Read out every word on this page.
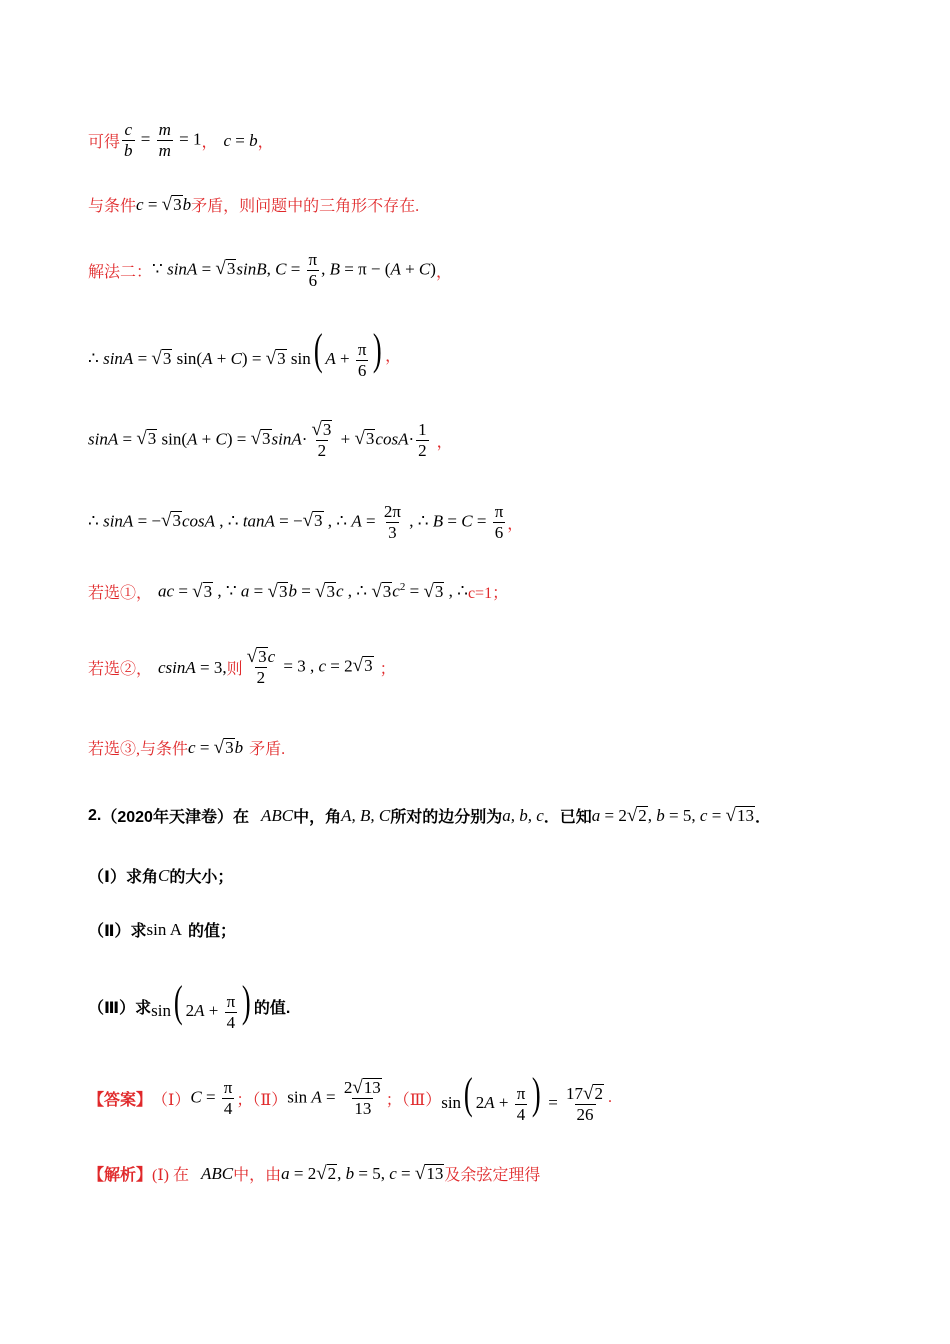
可得 $\frac{c}{b} = \frac{m}{m} = 1$ ， c = b ，
与条件 c = √ 3 b 矛盾，则问题中的三角形不存在.
解法二： ∵ sinA = √ 3 sinB, $C = \frac{\pi}{6}$ , B = π − (A + C) ，
∴ sinA = √ 3 sin(A + C) = √ 3 sin( $A + \frac{\pi}{6}$ ) ，
sinA = √ 3 sin(A + C) = √ 3 $\sin A\cdot \frac{√ 3}{2}$ + √ 3 $\cos A\cdot \frac{1}{2}$ ，
∴ sinA = − √ 3 cosA , ∴ tanA = − √ 3 , ∴ $A = \frac{2\pi}{3}$ , ∴ $B = C = \frac{\pi}{6}$ ，
若选①， ac = √ 3 , ∵ a = √ 3 b = √ 3 c , ∴ √ 3 $c^2$ = √ 3 , ∴ c=1；
若选②， csinA = 3, 则 $\frac{√ 3 c}{2} = 3$ , c = 2 √ 3 ；
若选③, 与条件 c = √ 3 b 矛盾.
2. （2020年天津卷）在 ABC 中，角 A, B, C 所对的边分别为 a, b, c ．已知 a = 2 √ 2 , b = 5, c = √ 13 ．
（Ⅰ）求角 C 的大小；
（Ⅱ）求 sin A 的值；
（Ⅲ）求 sin( $2A + \frac{\pi}{4}$ ) 的值.
【答案】 （Ⅰ） $C = \frac{\pi}{4}$ ；（Ⅱ） $\sin A = \frac{2 √ 13}{13}$ ；（Ⅲ） sin( $2A + \frac{\pi}{4}$ ) = $\frac{17 √ 2}{26}$ .
【解析】 (Ⅰ) 在 ABC 中，由 a = 2 √ 2 , b = 5, c = √ 13 及余弦定理得
